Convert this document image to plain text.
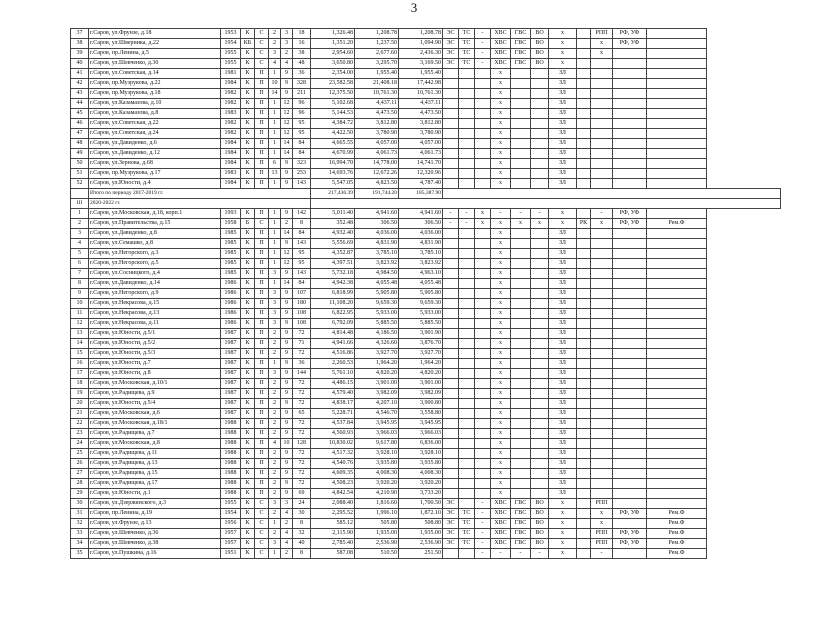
3
37	г.Саров, ул.Фрунзе, д.18	1953	К	С	2	3	18	1,326.48	1,208.78	1,208.78	ЭС	ТС	-	ХВС	ГВС	ВО	х		РПП	РФ, УФ	
38	г.Саров, ул.Шверника, д.22	1954	КБ	С	2	3	16	1,351.20	1,237.50	1,094.90	ЭС	ТС	-	ХВС	ГВС	ВО	х		х	РФ, УФ	
39	г.Саров, пр.Ленина, д.5	1955	К	С	3	2	38	2,954.60	2,677.60	2,436.30	ЭС	ТС	-	ХВС	ГВС	ВО	х		х		
40	г.Саров, ул.Шевченко, д.30	1955	К	С	4	4	48	3,650.80	3,295.70	3,169.50	ЭС	ТС	-	ХВС	ГВС	ВО	х				
41	г.Саров, ул.Советская, д.14	1981	К	П	1	9	36	2,354.00	1,955.40	1,955.40				х			ЗЛ				
42	г.Саров, пр.Музрукова, д.22	1984	К	П	10	9	328	23,582.58	21,408.18	17,442.98				х			ЗЛ				
43	г.Саров, пр.Музрукова, д.18	1982	К	П	14	9	211	12,375.50	10,761.30	10,761.30				х			ЗЛ				
44	г.Саров, ул.Казамазова, д.10	1982	К	П	1	12	96	5,102.68	4,437.11	4,437.11				х			ЗЛ				
45	г.Саров, ул.Казамазова, д.8	1983	К	П	1	12	96	5,144.53	4,473.50	4,473.50				х			ЗЛ				
46	г.Саров, ул.Советская, д.22	1982	К	П	1	12	95	4,384.72	3,812.80	3,812.80				х			ЗЛ				
47	г.Саров, ул.Советская, д.24	1982	К	П	1	12	95	4,422.50	3,780.90	3,780.90				х			ЗЛ				
48	г.Саров, ул.Давиденко, д.6	1984	К	П	1	14	84	4,665.55	4,057.00	4,057.00				х			ЗЛ				
49	г.Саров, ул.Давиденко, д.12	1984	К	П	1	14	84	4,670.99	4,061.73	4,061.73				х			ЗЛ				
50	г.Саров, ул.Зернова, д.68	1984	К	П	6	9	323	16,994.70	14,778.00	14,741.70				х			ЗЛ				
51	г.Саров, пр.Музрукова, д.17	1983	К	П	13	9	253	14,693.76	12,672.26	12,320.96				х			ЗЛ				
52	г.Саров, ул.Юности, д.4	1984	К	П	1	9	143	5,547.05	4,823.50	4,787.40				х			ЗЛ				
	Итого по периоду 2017-2019 гг.							217,436.39	191,744.20	185,387.90											
III	2020-2022 гг.																				
1	г.Саров, ул.Московская, д.18, корп.1	1993	К	П	1	9	142	5,011.40	4,941.60	4,941.60	-	-	х	-	-	-	х		-	РФ, УФ	
2	г.Саров, ул.Правительства, д.15	1958	Б	С	1	2	8	352.48	306.50	306.50	-	-	х	х	х	х	х	РК	х	РФ, УФ	Рем.Ф
3	г.Саров, ул.Давиденко, д.8	1985	К	П	1	14	84	4,932.40	4,036.00	4,036.00				х			ЗЛ				
4	г.Саров, ул.Семашко, д.8	1985	К	П	1	9	143	5,556.69	4,831.90	4,831.90				х			ЗЛ				
5	г.Саров, ул.Негорского, д.3	1985	К	П	1	12	95	4,352.87	3,785.10	3,785.10				х			ЗЛ				
6	г.Саров, ул.Негорского, д.5	1985	К	П	1	12	95	4,397.51	3,823.92	3,823.92				х			ЗЛ				
7	г.Саров, ул.Сосницкого, д.4	1985	К	П	3	9	143	5,732.18	4,984.50	4,963.10				х			ЗЛ				
8	г.Саров, ул.Давиденко, д.14	1986	К	П	1	14	84	4,942.38	4,055.48	4,055.48				х			ЗЛ				
9	г.Саров, ул.Негорского, д.9	1986	К	П	3	9	107	6,818.99	5,905.80	5,905.80				х			ЗЛ				
10	г.Саров, ул.Некрасова, д.15	1986	К	П	3	9	180	11,108.20	9,659.30	9,659.30				х			ЗЛ				
11	г.Саров, ул.Некрасова, д.13	1986	К	П	3	9	108	6,822.95	5,933.00	5,933.00				х			ЗЛ				
12	г.Саров, ул.Некрасова, д.11	1986	К	П	3	9	108	6,792.09	5,885.50	5,885.50				х			ЗЛ				
13	г.Саров, ул.Юности, д.5/1	1987	К	П	2	9	72	4,814.48	4,186.50	3,901.90				х			ЗЛ				
14	г.Саров, ул.Юности, д.5/2	1987	К	П	2	9	71	4,941.66	4,326.60	3,876.70				х			ЗЛ				
15	г.Саров, ул.Юности, д.5/3	1987	К	П	2	9	72	4,516.86	3,927.70	3,927.70				х			ЗЛ				
16	г.Саров, ул.Юности, д.7	1987	К	П	1	9	36	2,260.53	1,964.20	1,964.20				х			ЗЛ				
17	г.Саров, ул.Юности, д.8	1987	К	П	3	9	144	5,761.10	4,820.20	4,820.20				х			ЗЛ				
18	г.Саров, ул.Московская, д.10/1	1987	К	П	2	9	72	4,486.15	3,901.00	3,901.00				х			ЗЛ				
19	г.Саров, ул.Радищева, д.9	1987	К	П	2	9	72	4,579.40	3,982.09	3,982.09				х			ЗЛ				
20	г.Саров, ул.Юности, д.5/4	1987	К	П	2	9	72	4,838.17	4,207.10	3,900.80				х			ЗЛ				
21	г.Саров, ул.Московская, д.6	1987	К	П	2	9	65	5,228.71	4,546.70	3,558.80				х			ЗЛ				
22	г.Саров, ул.Московская, д.18/1	1988	К	П	2	9	72	4,537.84	3,945.95	3,945.95				х			ЗЛ				
23	г.Саров, ул.Радищева, д.7	1988	К	П	2	9	72	4,560.93	3,966.03	3,966.03				х			ЗЛ				
24	г.Саров, ул.Московская, д.8	1988	К	П	4	10	128	10,830.02	9,617.80	6,836.00				х			ЗЛ				
25	г.Саров, ул.Радищева, д.11	1988	К	П	2	9	72	4,517.32	3,928.10	3,928.10				х			ЗЛ				
26	г.Саров, ул.Радищева, д.13	1988	К	П	2	9	72	4,540.76	3,935.80	3,935.80				х			ЗЛ				
27	г.Саров, ул.Радищева, д.15	1988	К	П	2	9	72	4,609.35	4,008.30	4,008.30				х			ЗЛ				
28	г.Саров, ул.Радищева, д.17	1988	К	П	2	9	72	4,508.23	3,920.20	3,920.20				х			ЗЛ				
29	г.Саров, ул.Юности, д.1	1988	К	П	2	9	69	4,842.54	4,210.90	3,733.20				х			ЗЛ				
30	г.Саров, ул.Дзержинского, д.3	1955	К	С	3	3	24	2,088.40	1,816.60	1,700.50	ЭС		-	ХВС	ГВС	ВО	х		РПП		
31	г.Саров, пр.Ленина, д.19	1954	К	С	2	4	30	2,295.52	1,996.10	1,872.10	ЭС	ТС	-	ХВС	ГВС	ВО	х		х	РФ, УФ	Рем.Ф
32	г.Саров, ул.Фрунзе, д.13	1956	К	С	1	2	8	585.12	505.80	508.80	ЭС	ТС	-	ХВС	ГВС	ВО	х		х		Рем.Ф
33	г.Саров, ул.Шевченко, д.36	1957	К	С	2	4	32	2,115.90	1,935.00	1,935.00	ЭС	ТС	-	ХВС	ГВС	ВО	х		РПП	РФ, УФ	Рем.Ф
34	г.Саров, ул.Шевченко, д.38	1957	К	С	3	4	40	2,785.40	2,536.90	2,536.90	ЭС	ТС	-	ХВС	ГВС	ВО	х		РПП	РФ, УФ	Рем.Ф
35	г.Саров, ул.Пушкина, д.16	1951	К	С	1	2	8	587.08	510.50	251.50			-	-	-	-	х		-		Рем.Ф
